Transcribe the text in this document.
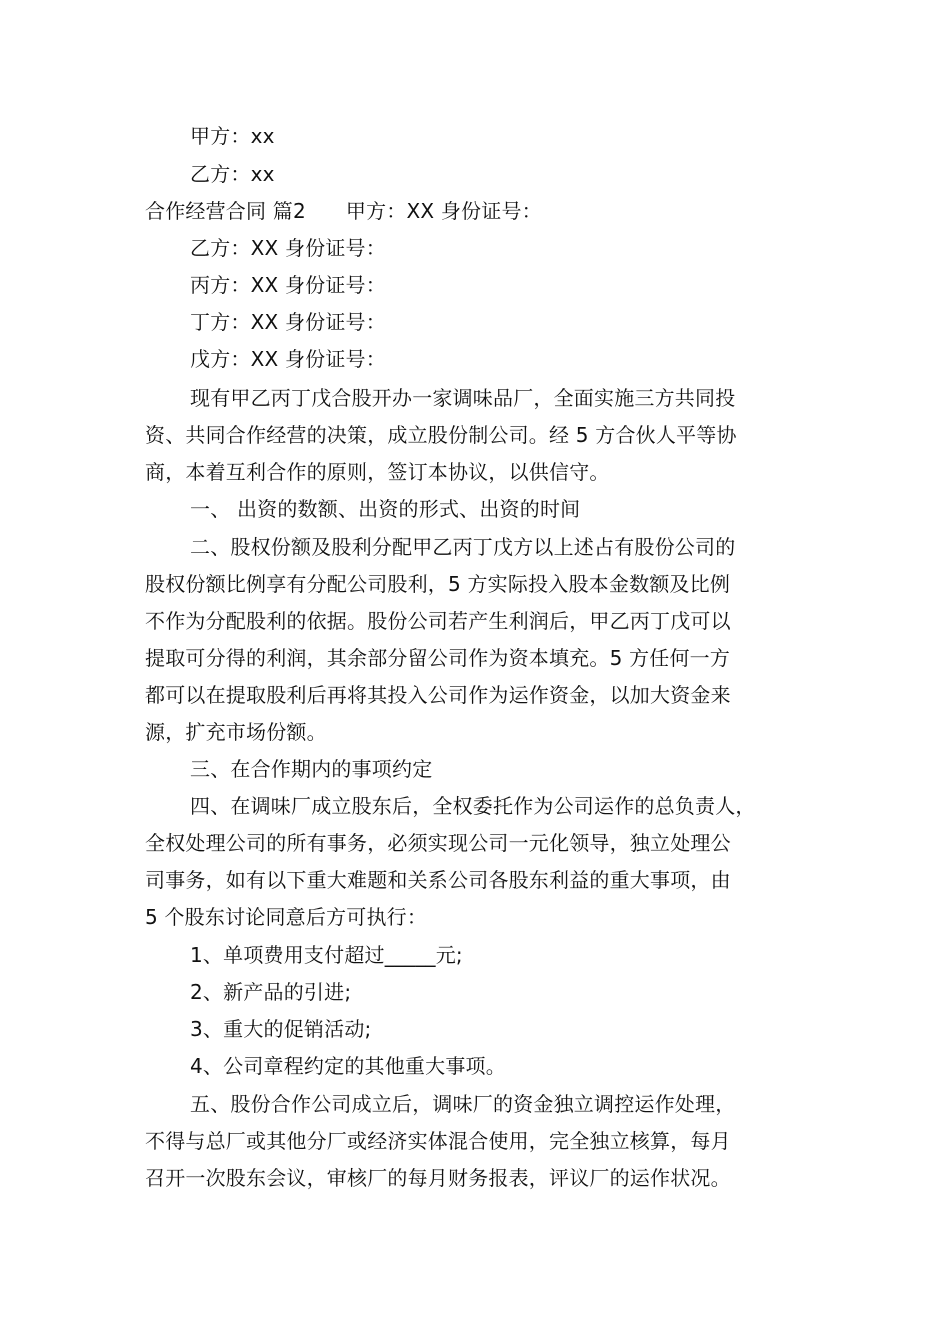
甲方：xx
乙方：xx
合作经营合同 篇2 甲方：XX 身份证号：
乙方：XX 身份证号：
丙方：XX 身份证号：
丁方：XX 身份证号：
戊方：XX 身份证号：
现有甲乙丙丁戊合股开办一家调味品厂，全面实施三方共同投
资、共同合作经营的决策，成立股份制公司。经 5 方合伙人平等协
商，本着互利合作的原则，签订本协议，以供信守。
一、 出资的数额、出资的形式、出资的时间
二、股权份额及股利分配甲乙丙丁戊方以上述占有股份公司的
股权份额比例享有分配公司股利，5 方实际投入股本金数额及比例
不作为分配股利的依据。股份公司若产生利润后，甲乙丙丁戊可以
提取可分得的利润，其余部分留公司作为资本填充。5 方任何一方
都可以在提取股利后再将其投入公司作为运作资金，以加大资金来
源，扩充市场份额。
三、在合作期内的事项约定
四、在调味厂成立股东后，全权委托作为公司运作的总负责人，
全权处理公司的所有事务，必须实现公司一元化领导，独立处理公
司事务，如有以下重大难题和关系公司各股东利益的重大事项，由
5 个股东讨论同意后方可执行：
1、单项费用支付超过_____元;
2、新产品的引进;
3、重大的促销活动;
4、公司章程约定的其他重大事项。
五、股份合作公司成立后，调味厂的资金独立调控运作处理，
不得与总厂或其他分厂或经济实体混合使用，完全独立核算，每月
召开一次股东会议，审核厂的每月财务报表，评议厂的运作状况。
